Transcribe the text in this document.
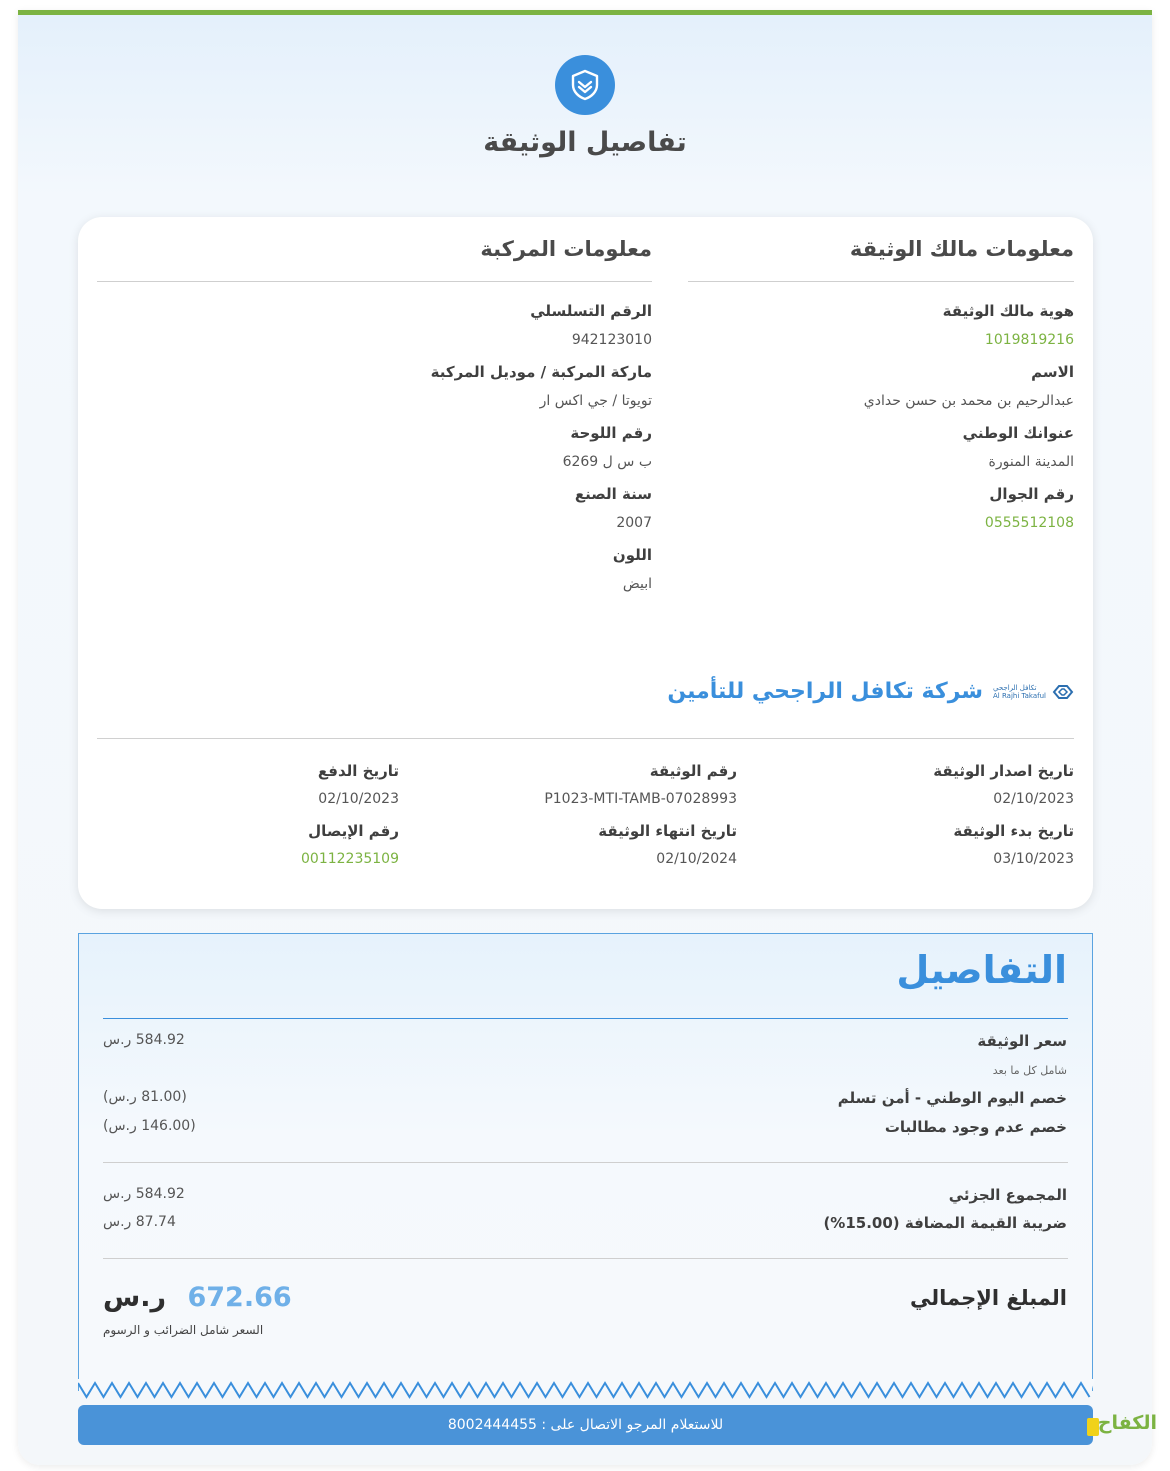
تفاصيل الوثيقة
معلومات مالك الوثيقة
هوية مالك الوثيقة
1019819216
الاسم
عبدالرحيم بن محمد بن حسن حدادي
عنوانك الوطني
المدينة المنورة
رقم الجوال
0555512108
معلومات المركبة
الرقم التسلسلي
942123010
ماركة المركبة / موديل المركبة
تويوتا / جي اكس ار
رقم اللوحة
ب س ل 6269
سنة الصنع
2007
اللون
ابيض
تكافل الراجحي
Al Rajhi Takaful
شركة تكافل الراجحي للتأمين
تاريخ اصدار الوثيقة
02/10/2023
تاريخ بدء الوثيقة
03/10/2023
رقم الوثيقة
P1023-MTI-TAMB-07028993
تاريخ انتهاء الوثيقة
02/10/2024
تاريخ الدفع
02/10/2023
رقم الإيصال
00112235109
التفاصيل
سعر الوثيقة
584.92 ر.س
شامل كل ما بعد
خصم اليوم الوطني - أمن تسلم
(81.00 ر.س)
خصم عدم وجود مطالبات
(146.00 ر.س)
المجموع الجزئي
584.92 ر.س
ضريبة القيمة المضافة (15.00%)
87.74 ر.س
المبلغ الإجمالي
672.66 ر.س
السعر شامل الضرائب و الرسوم
للاستعلام المرجو الاتصال على : 8002444455	الكفاح
